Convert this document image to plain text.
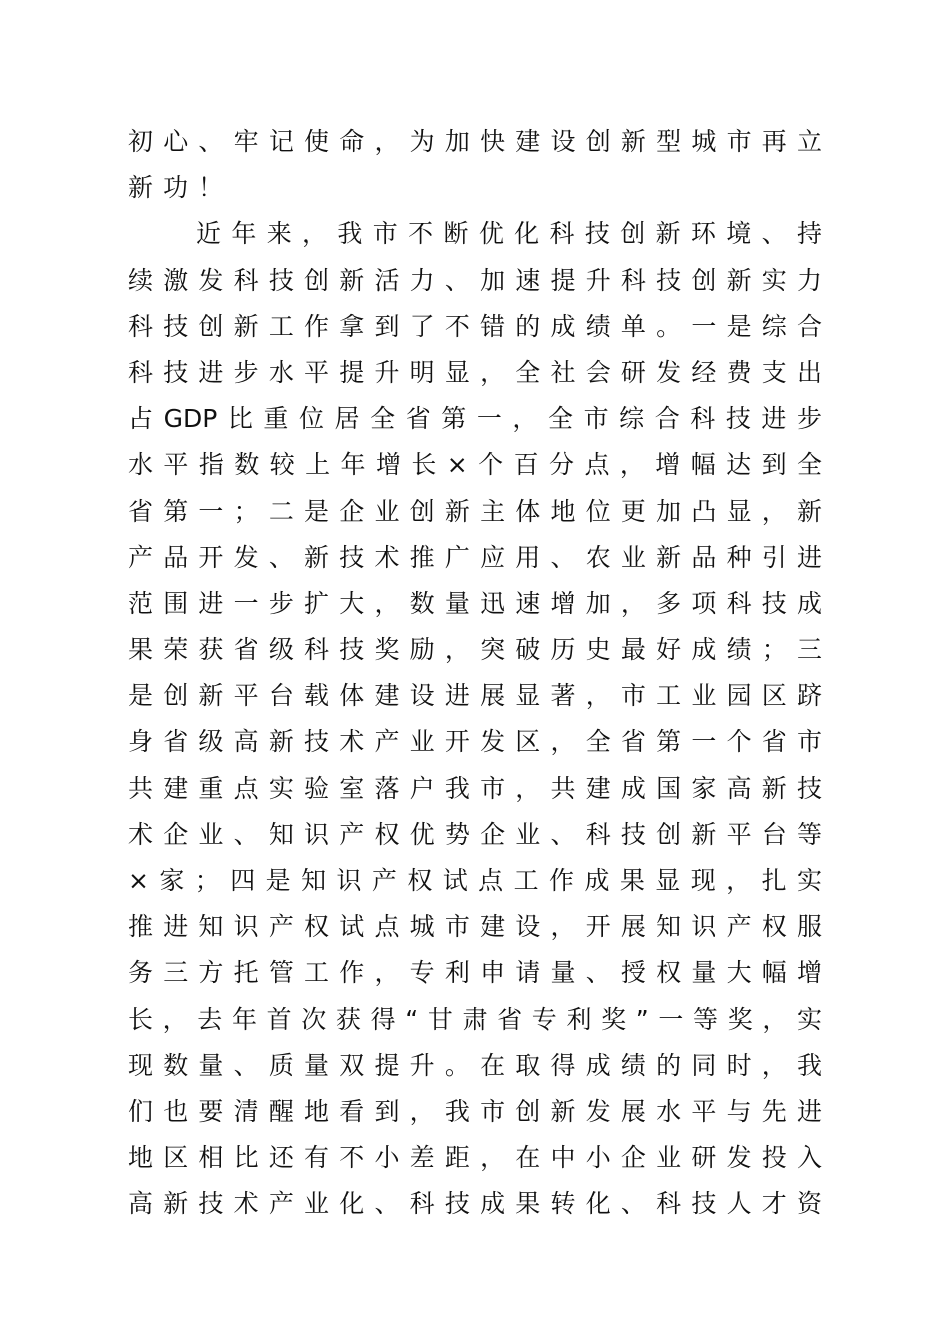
初心、牢记使命，为加快建设创新型城市再立
新功！
近年来，我市不断优化科技创新环境、持
续激发科技创新活力、加速提升科技创新实力
科技创新工作拿到了不错的成绩单。一是综合
科技进步水平提升明显，全社会研发经费支出
占GDP比重位居全省第一，全市综合科技进步
水平指数较上年增长×个百分点，增幅达到全
省第一；二是企业创新主体地位更加凸显，新
产品开发、新技术推广应用、农业新品种引进
范围进一步扩大，数量迅速增加，多项科技成
果荣获省级科技奖励，突破历史最好成绩；三
是创新平台载体建设进展显著，市工业园区跻
身省级高新技术产业开发区，全省第一个省市
共建重点实验室落户我市，共建成国家高新技
术企业、知识产权优势企业、科技创新平台等
×家；四是知识产权试点工作成果显现，扎实
推进知识产权试点城市建设，开展知识产权服
务三方托管工作，专利申请量、授权量大幅增
长，去年首次获得“甘肃省专利奖”一等奖，实
现数量、质量双提升。在取得成绩的同时，我
们也要清醒地看到，我市创新发展水平与先进
地区相比还有不小差距，在中小企业研发投入
高新技术产业化、科技成果转化、科技人才资
